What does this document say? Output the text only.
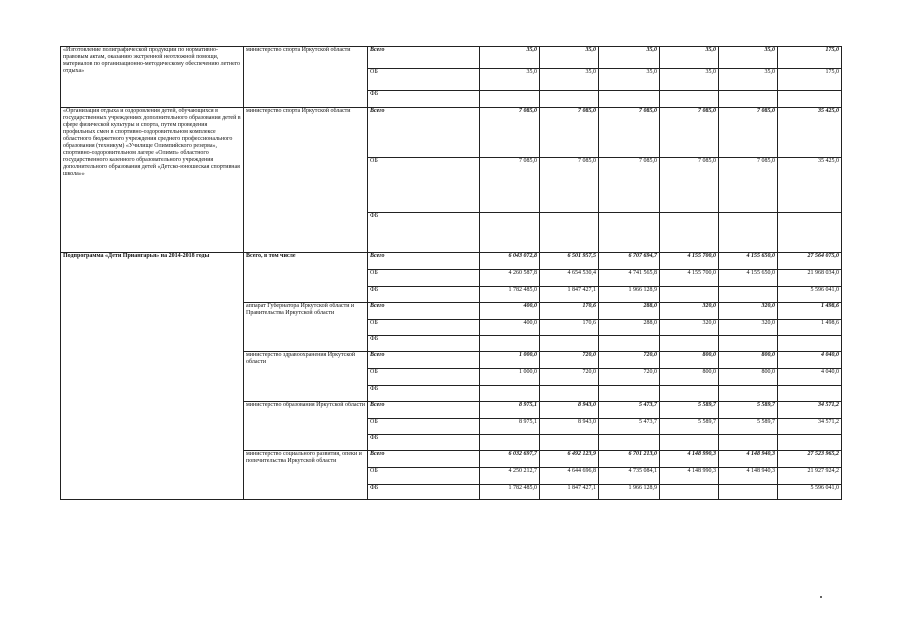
«Изготовление полиграфической продукции по нормативно-правовым актам, оказанию экстренной неотложной помощи, материалов по организационно-методическому обеспечению летнего отдыха»	министерство спорта Иркутской области	Всего	35,0	35,0	35,0	35,0	35,0	175,0
		ОБ	35,0	35,0	35,0	35,0	35,0	175,0
		ФБ						
«Организация отдыха и оздоровления детей, обучающихся в государственных учреждениях дополнительного образования детей в сфере физической культуры и спорта, путем проведения профильных смен в спортивно-оздоровительном комплексе областного бюджетного учреждения среднего профессионального образования (техникум) «Училище Олимпийского резерва», спортивно-оздоровительном лагере «Олимп» областного государственного казенного образовательного учреждения дополнительного образования детей «Детско-юношеская спортивная школа»»	министерство спорта Иркутской области	Всего	7 085,0	7 085,0	7 085,0	7 085,0	7 085,0	35 425,0
		ОБ	7 085,0	7 085,0	7 085,0	7 085,0	7 085,0	35 425,0
		ФБ						
Подпрограмма «Дети Приангарья» на 2014-2018 годы	Всего, в том числе	Всего	6 043 072,8	6 501 957,5	6 707 694,7	4 155 700,0	4 155 650,0	27 564 075,0
		ОБ	4 260 587,8	4 654 530,4	4 741 565,8	4 155 700,0	4 155 650,0	21 968 034,0
		ФБ	1 782 485,0	1 847 427,1	1 966 128,9			5 596 041,0
	аппарат Губернатора Иркутской области и Правительства Иркутской области	Всего	400,0	170,6	288,0	320,0	320,0	1 498,6
		ОБ	400,0	170,6	288,0	320,0	320,0	1 498,6
		ФБ						
	министерство здравоохранения Иркутской области	Всего	1 000,0	720,0	720,0	800,0	800,0	4 040,0
		ОБ	1 000,0	720,0	720,0	800,0	800,0	4 040,0
		ФБ						
	министерство образования Иркутской области	Всего	8 975,1	8 943,0	5 473,7	5 589,7	5 589,7	34 571,2
		ОБ	8 975,1	8 943,0	5 473,7	5 589,7	5 589,7	34 571,2
		ФБ						
	министерство социального развития, опеки и попечительства Иркутской области	Всего	6 032 697,7	6 492 123,9	6 701 213,0	4 148 990,3	4 148 940,3	27 523 965,2
		ОБ	4 250 212,7	4 644 696,8	4 735 084,1	4 148 990,3	4 148 940,3	21 927 924,2
		ФБ	1 782 485,0	1 847 427,1	1 966 128,9			5 596 041,0
